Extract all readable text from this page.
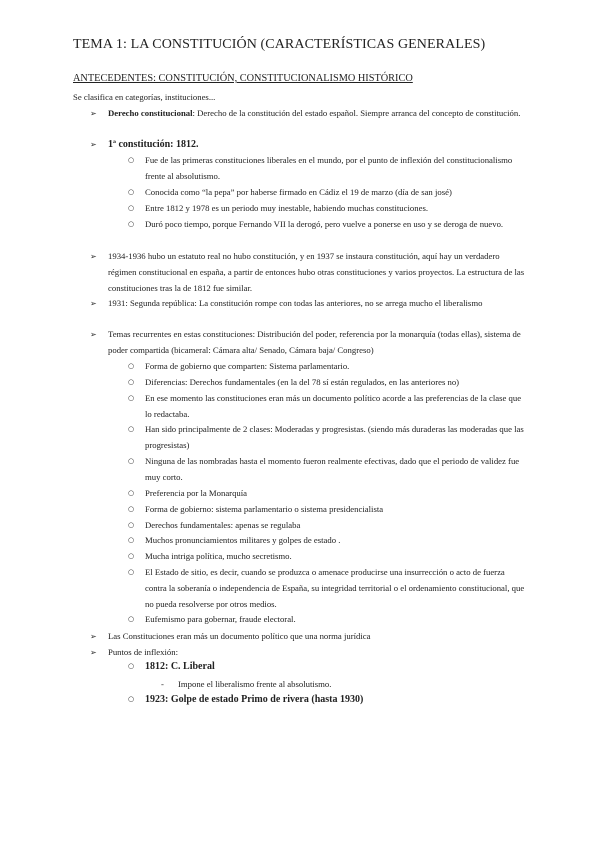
TEMA 1: LA CONSTITUCIÓN (CARACTERÍSTICAS GENERALES)
ANTECEDENTES: CONSTITUCIÓN, CONSTITUCIONALISMO HISTÓRICO

Se clasifica en categorías, instituciones...

➢	Derecho constitucional: Derecho de la constitución del estado español. Siempre arranca del concepto de constitución.
➢	1ª constitución: 1812.
○ Fue de las primeras constituciones liberales en el mundo, por el punto de inflexión del constitucionalismo frente al absolutismo.
○ Conocida como “la pepa” por haberse firmado en Cádiz el 19 de marzo (día de san josé)
○ Entre 1812 y 1978 es un periodo muy inestable, habiendo muchas constituciones.
○ Duró poco tiempo, porque Fernando VII la derogó, pero vuelve a ponerse en uso y se deroga de nuevo.
➢	1934-1936 hubo un estatuto real no hubo constitución, y en 1937 se instaura constitución, aquí hay un verdadero régimen constitucional en españa, a partir de entonces hubo otras constituciones y varios proyectos. La estructura de las constituciones tras la de 1812 fue similar.
➢	1931: Segunda república: La constitución rompe con todas las anteriores, no se arrega mucho el liberalismo
➢	Temas recurrentes en estas constituciones: Distribución del poder, referencia por la monarquía (todas ellas), sistema de poder compartida (bicameral: Cámara alta/ Senado, Cámara baja/ Congreso)
○ Forma de gobierno que comparten: Sistema parlamentario.
○ Diferencias: Derechos fundamentales (en la del 78 sí están regulados, en las anteriores no)
○ En ese momento las constituciones eran más un documento político acorde a las preferencias de la clase que lo redactaba.
○ Han sido principalmente de 2 clases: Moderadas y progresistas. (siendo más duraderas las moderadas que las progresistas)
○ Ninguna de las nombradas hasta el momento fueron realmente efectivas, dado que el periodo de validez fue muy corto.
○ Preferencia por la Monarquía
○ Forma de gobierno: sistema parlamentario o sistema presidencialista
○ Derechos fundamentales: apenas se regulaba
○ Muchos pronunciamientos militares y golpes de estado .
○ Mucha intriga política, mucho secretismo.
○ El Estado de sitio, es decir, cuando se produzca o amenace producirse una insurrección o acto de fuerza contra la soberanía o independencia de España, su integridad territorial o el ordenamiento constitucional, que no pueda resolverse por otros medios.
○ Eufemismo para gobernar, fraude electoral.
➢	Las Constituciones eran más un documento político que una norma jurídica
➢	Puntos de inflexión:
○ 1812: C. Liberal
- Impone el liberalismo frente al absolutismo.
○ 1923: Golpe de estado Primo de rivera (hasta 1930)
